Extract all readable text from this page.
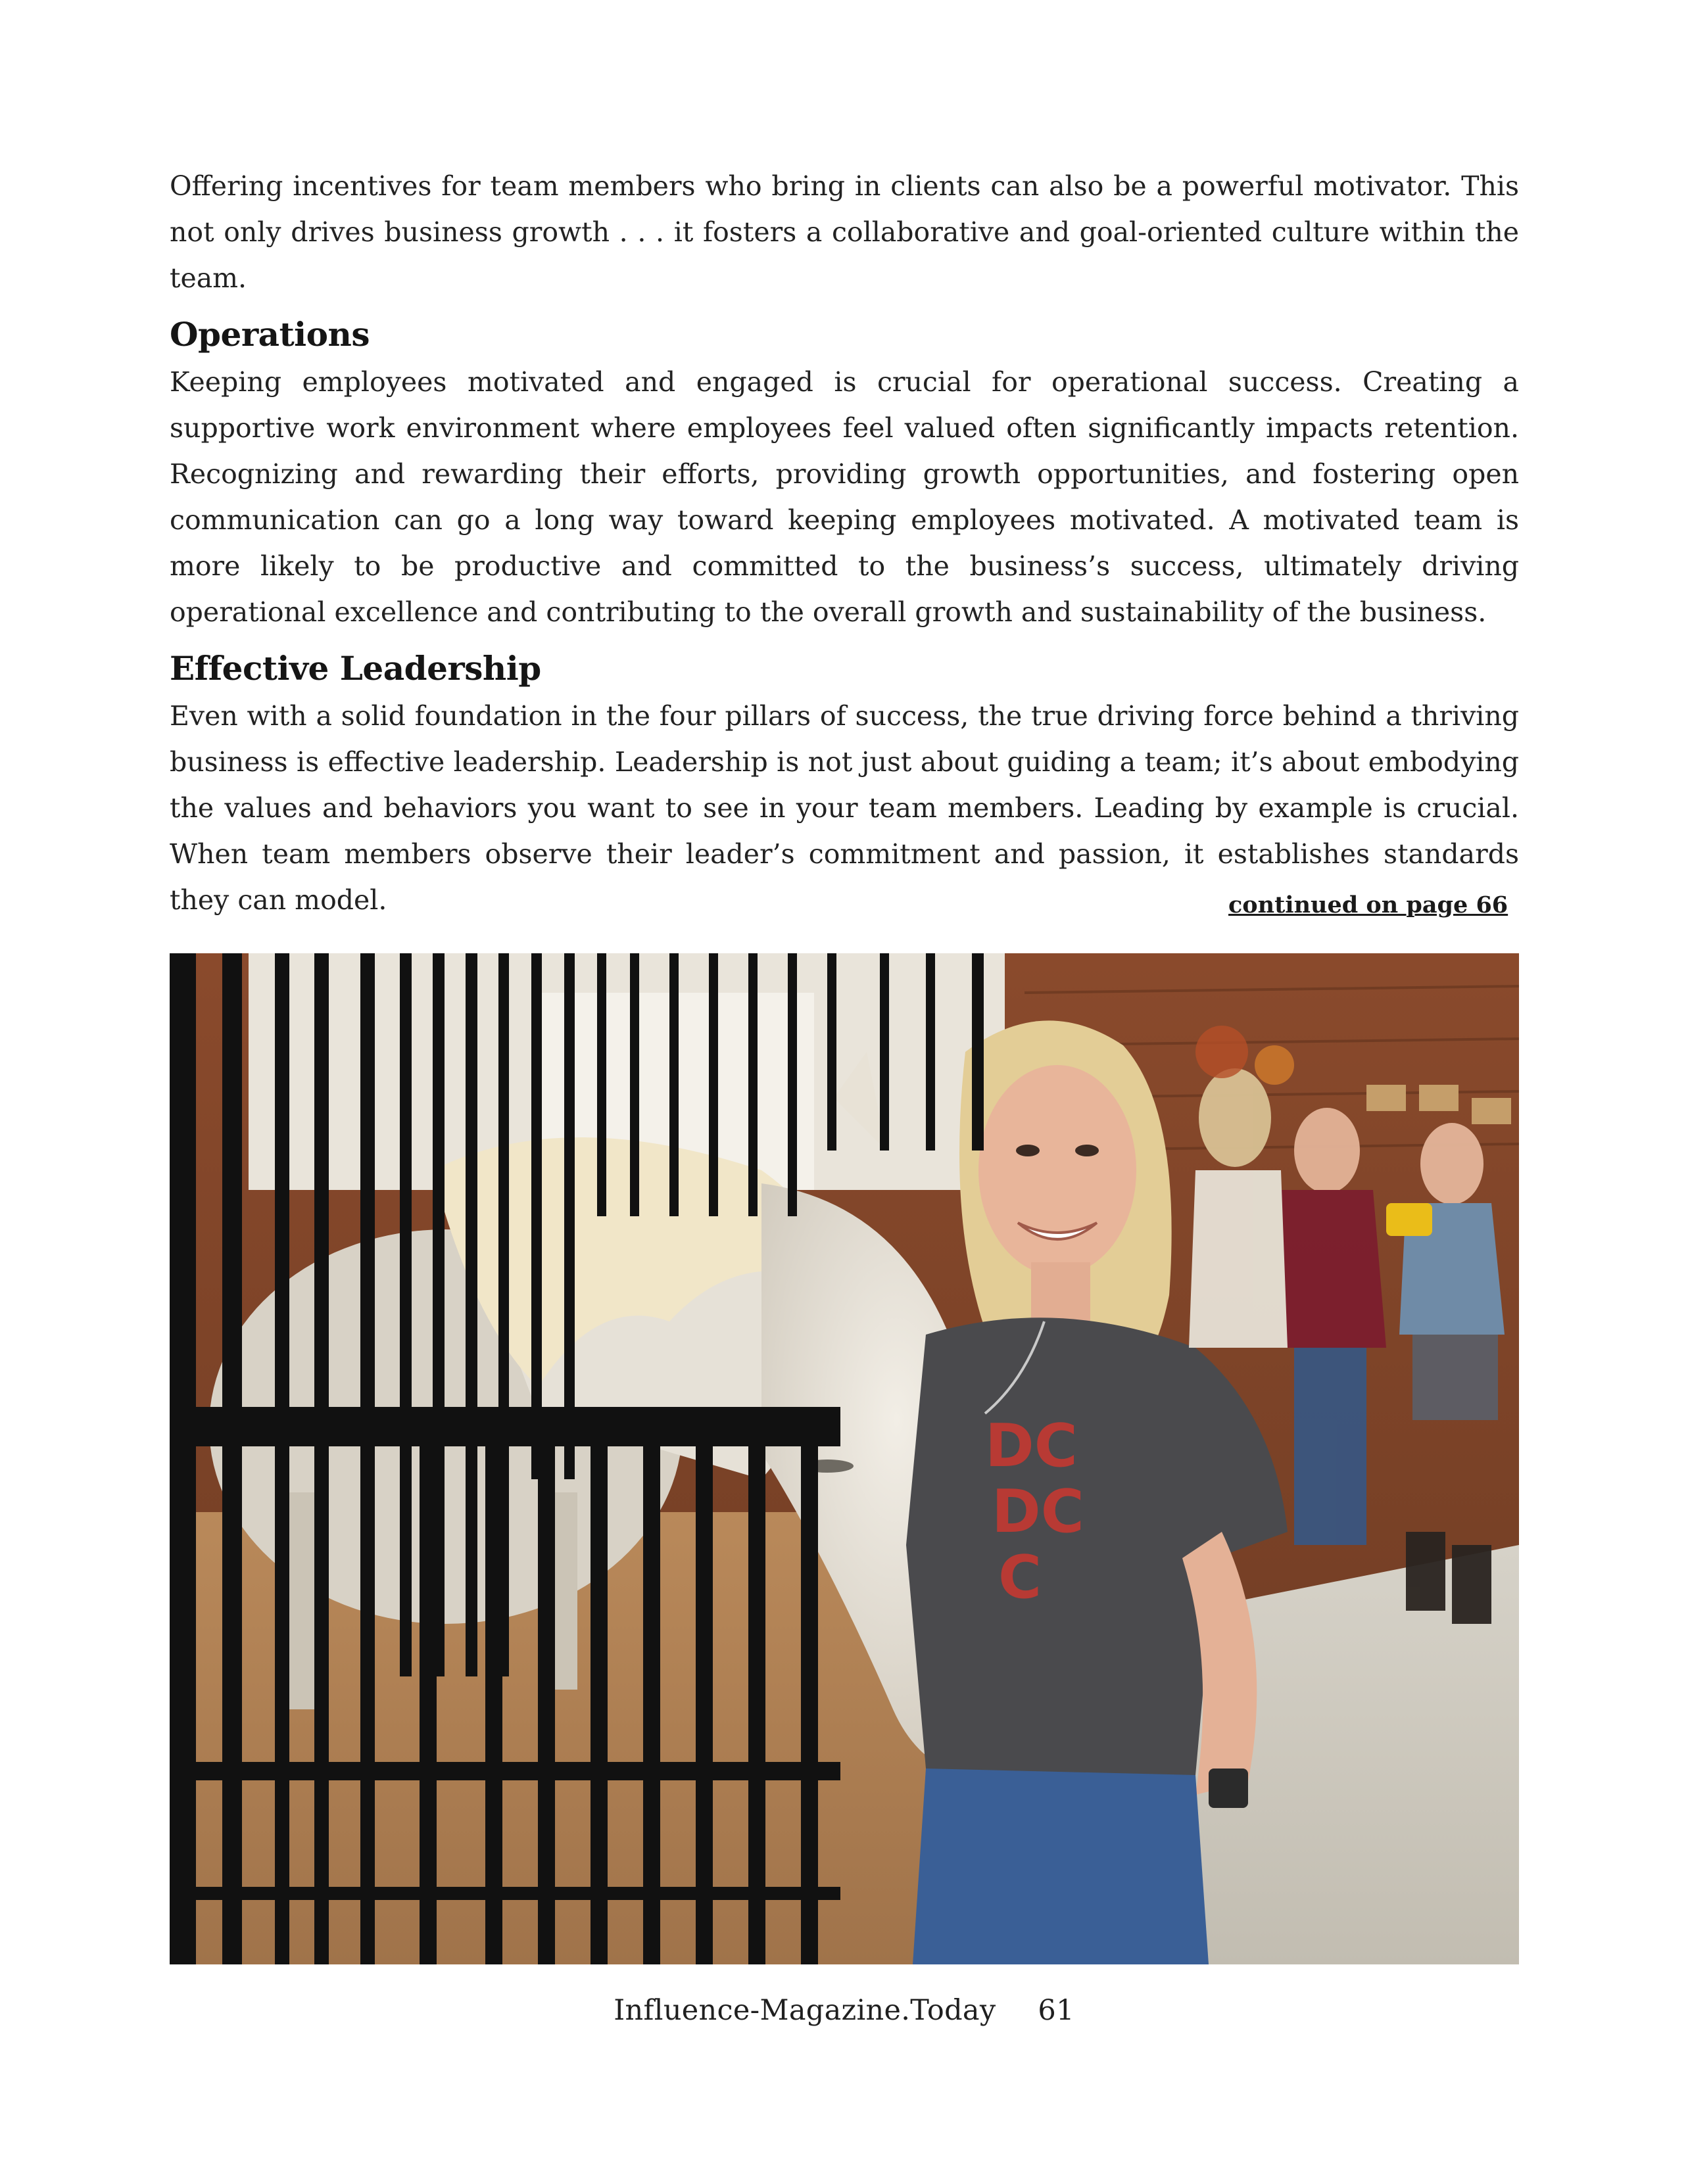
Offering incentives for team members who bring in clients can also be a powerful motivator. This not only drives business growth . . . it fosters a collaborative and goal-oriented culture within the team.

Operations

Keeping employees motivated and engaged is crucial for operational success. Creating a supportive work environment where employees feel valued often significantly impacts retention. Recognizing and rewarding their efforts, providing growth opportunities, and fostering open communication can go a long way toward keeping employees motivated. A motivated team is more likely to be productive and committed to the business’s success, ultimately driving operational excellence and contributing to the overall growth and sustainability of the business.

Effective Leadership

Even with a solid foundation in the four pillars of success, the true driving force behind a thriving business is effective leadership. Leadership is not just about guiding a team; it’s about embodying the values and behaviors you want to see in your team members. Leading by example is crucial. When team members observe their leader’s commitment and passion, it establishes standards they can model.	continued on page 66
DC
DC
C
Influence-Magazine.Today 61
